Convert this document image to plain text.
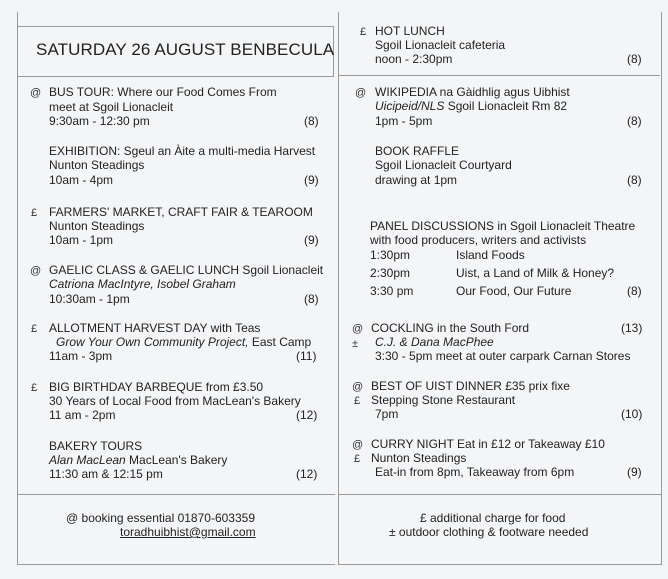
SATURDAY 26 AUGUST BENBECULA
@ BUS TOUR: Where our Food Comes From
meet at Sgoil Lionacleit
9:30am - 12:30 pm	(8)
EXHIBITION: Sgeul an Àite a multi-media Harvest
Nunton Steadings
10am - 4pm	(9)
£ FARMERS' MARKET, CRAFT FAIR & TEAROOM
Nunton Steadings
10am - 1pm	(9)
@ GAELIC CLASS & GAELIC LUNCH Sgoil Lionacleit
Catriona MacIntyre, Isobel Graham
10:30am - 1pm	(8)
£ ALLOTMENT HARVEST DAY with Teas
Grow Your Own Community Project, East Camp
11am - 3pm	(11)
£ BIG BIRTHDAY BARBEQUE from £3.50
30 Years of Local Food from MacLean's Bakery
11 am - 2pm	(12)
BAKERY TOURS
Alan MacLean MacLean's Bakery
11:30 am & 12:15 pm	(12)
£ HOT LUNCH
Sgoil Lionacleit cafeteria
noon - 2:30pm	(8)
@ WIKIPEDIA na Gàidhlig agus Uibhist
Uicipeid/NLS Sgoil Lionacleit Rm 82
1pm - 5pm	(8)
BOOK RAFFLE
Sgoil Lionacleit Courtyard
drawing at 1pm	(8)
PANEL DISCUSSIONS in Sgoil Lionacleit Theatre
with food producers, writers and activists
1:30pm	Island Foods
2:30pm	Uist, a Land of Milk & Honey?
3:30 pm	Our Food, Our Future	(8)
@
±
COCKLING in the South Ford	(13)
C.J. & Dana MacPhee
3:30 - 5pm meet at outer carpark Carnan Stores
@
£
BEST OF UIST DINNER £35 prix fixe
Stepping Stone Restaurant
7pm	(10)
@
£
CURRY NIGHT Eat in £12 or Takeaway £10
Nunton Steadings
Eat-in from 8pm, Takeaway from 6pm	(9)
@ booking essential 01870-603359
toradhuibhist@gmail.com
£ additional charge for food
± outdoor clothing & footware needed
